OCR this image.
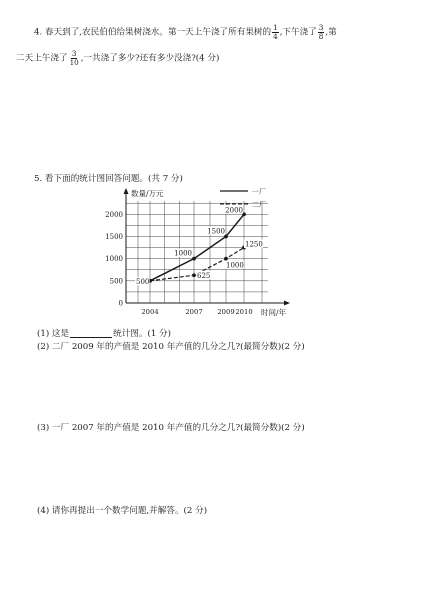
4. 春天到了,农民伯伯给果树浇水。第一天上午浇了所有果树的 $\frac{1}{4}$ ,下午浇了 $\frac{3}{8}$ ,第
二天上午浇了 $\frac{3}{10}$ ,一共浇了多少?还有多少没浇?(4 分)
5. 看下面的统计图回答问题。(共 7 分)
数量/万元
时间/年
0
500
1000
1500
2000
2004	2007 2009 2010
500
1000
1500
2000
625
1000
1250
一厂
二厂
(1) 这是	统计图。(1 分)
(2) 二厂 2009 年的产值是 2010 年产值的几分之几?(最简分数)(2 分)
(3) 一厂 2007 年的产值是 2010 年产值的几分之几?(最简分数)(2 分)
(4) 请你再提出一个数学问题,并解答。(2 分)
